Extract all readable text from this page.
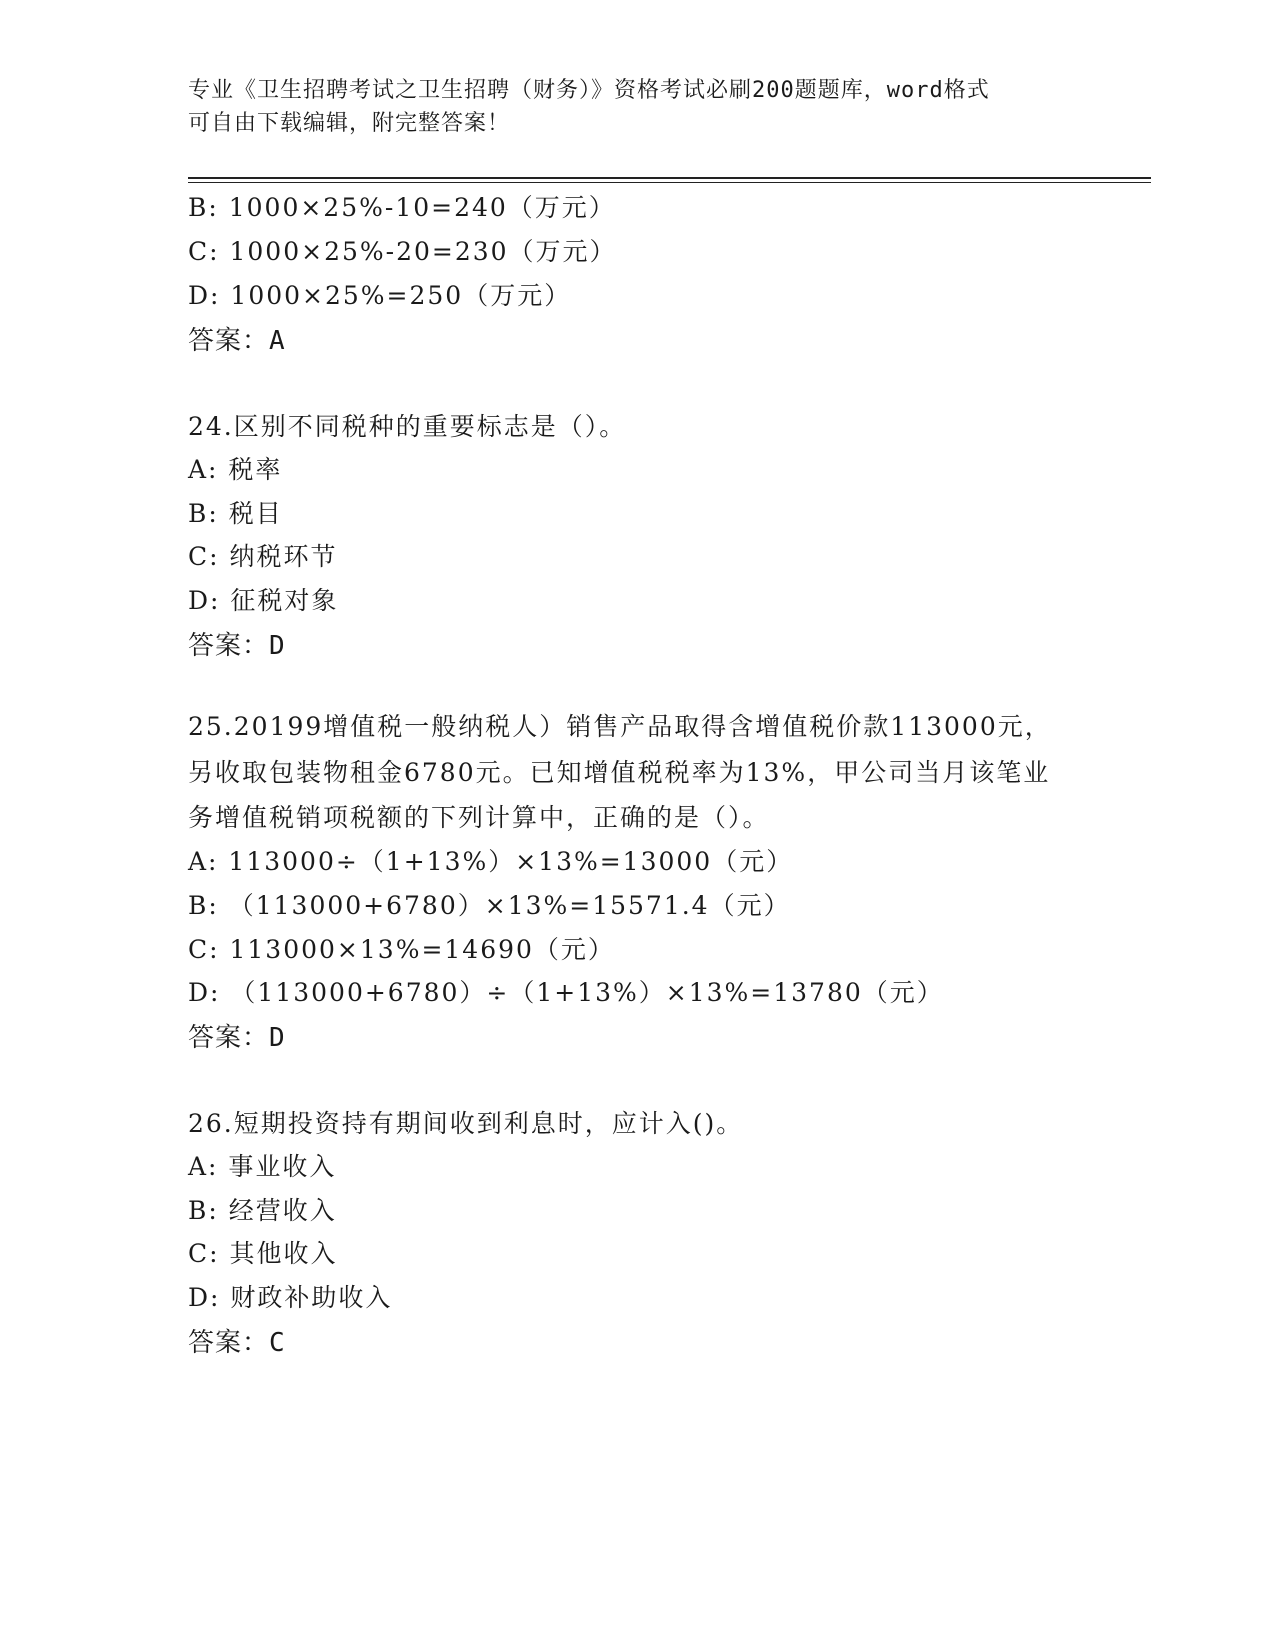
专业《卫生招聘考试之卫生招聘（财务）》资格考试必刷200题题库，word格式
可自由下载编辑，附完整答案！
B: 1000×25%-10=240（万元）
C: 1000×25%-20=230（万元）
D: 1000×25%=250（万元）
答案：A
24.区别不同税种的重要标志是（）。
A: 税率
B: 税目
C: 纳税环节
D: 征税对象
答案：D
25.20199增值税一般纳税人）销售产品取得含增值税价款113000元，另收取包装物租金6780元。已知增值税税率为13%，甲公司当月该笔业务增值税销项税额的下列计算中，正确的是（）。
A: 113000÷（1+13%）×13%=13000（元）
B: （113000+6780）×13%=15571.4（元）
C: 113000×13%=14690（元）
D: （113000+6780）÷（1+13%）×13%=13780（元）
答案：D
26.短期投资持有期间收到利息时，应计入()。
A: 事业收入
B: 经营收入
C: 其他收入
D: 财政补助收入
答案：C
